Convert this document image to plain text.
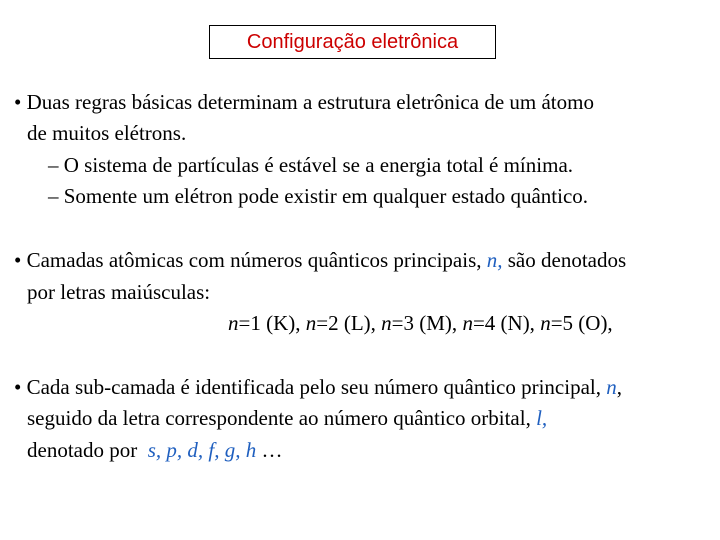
Configuração eletrônica
• Duas regras básicas determinam a estrutura eletrônica de um átomo
de muitos elétrons.
– O sistema de partículas é estável se a energia total é mínima.
– Somente um elétron pode existir em qualquer estado quântico.
• Camadas atômicas com números quânticos principais, n, são denotados
por letras maiúsculas:
n=1 (K), n=2 (L), n=3 (M), n=4 (N), n=5 (O),
• Cada sub-camada é identificada pelo seu número quântico principal, n,
seguido da letra correspondente ao número quântico orbital, l,
denotado por s, p, d, f, g, h …
